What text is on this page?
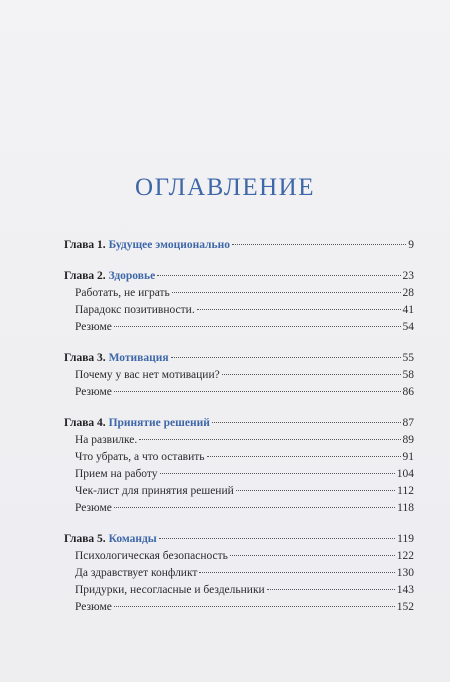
ОГЛАВЛЕНИЕ
Глава 1. Будущее эмоционально	9
Глава 2. Здоровье	23
Работать, не играть	28
Парадокс позитивности.	41
Резюме	54
Глава 3. Мотивация	55
Почему у вас нет мотивации?	58
Резюме	86
Глава 4. Принятие решений	87
На развилке.	89
Что убрать, а что оставить	91
Прием на работу	104
Чек-лист для принятия решений	112
Резюме	118
Глава 5. Команды	119
Психологическая безопасность	122
Да здравствует конфликт	130
Придурки, несогласные и бездельники	143
Резюме	152
